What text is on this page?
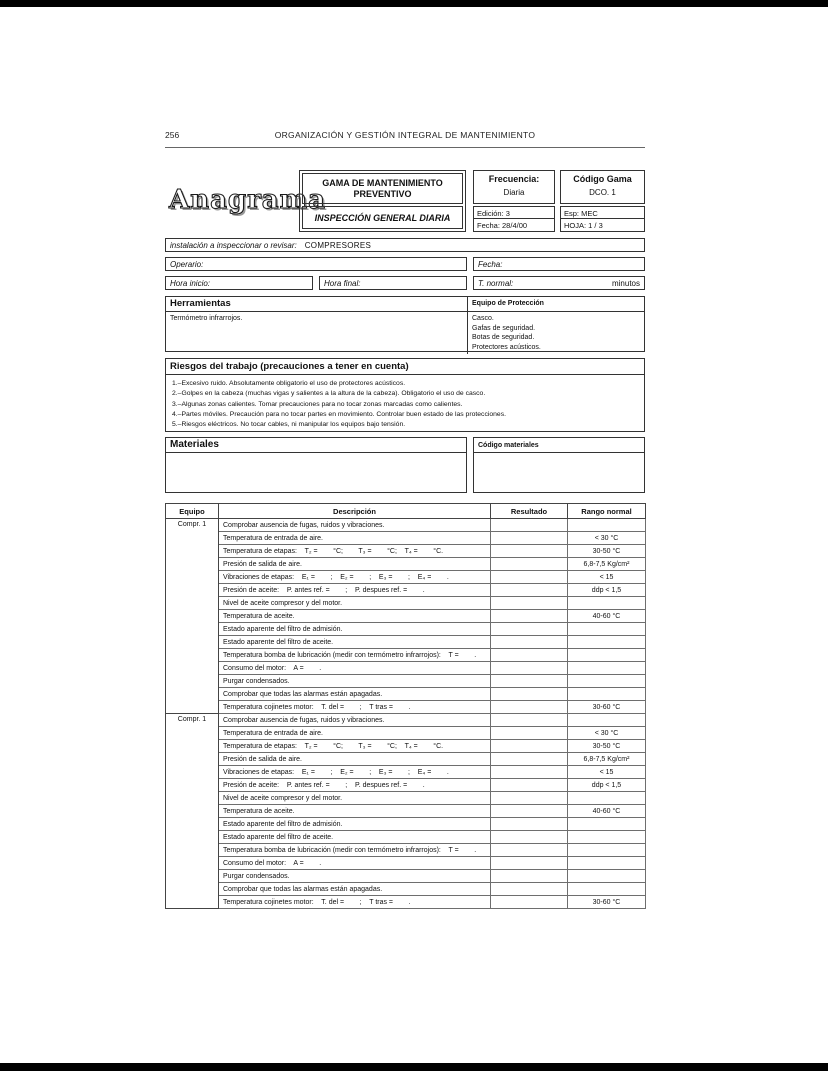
256	ORGANIZACIÓN Y GESTIÓN INTEGRAL DE MANTENIMIENTO
Anagrama
GAMA DE MANTENIMIENTO PREVENTIVO
INSPECCIÓN GENERAL DIARIA
Frecuencia:
Diaria
Código Gama
DCO. 1
Edición: 3
Fecha: 28/4/00
Esp: MEC
HOJA: 1 / 3
instalación a inspeccionar o revisar: COMPRESORES
Operario:	Fecha:
Hora inicio:	Hora final:	T. normal:	minutos
Herramientas	Equipo de Protección
Termómetro infrarrojos.	Casco.
Gafas de seguridad.
Botas de seguridad.
Protectores acústicos.
Riesgos del trabajo (precauciones a tener en cuenta)
1.–Excesivo ruido. Absolutamente obligatorio el uso de protectores acústicos.
2.–Golpes en la cabeza (muchas vigas y salientes a la altura de la cabeza). Obligatorio el uso de casco.
3.–Algunas zonas calientes. Tomar precauciones para no tocar zonas marcadas como calientes.
4.–Partes móviles. Precaución para no tocar partes en movimiento. Controlar buen estado de las protecciones.
5.–Riesgos eléctricos. No tocar cables, ni manipular los equipos bajo tensión.
Materiales	Código materiales
Equipo	Descripción	Resultado	Rango normal
Compr. 1	Comprobar ausencia de fugas, ruidos y vibraciones.		
	Temperatura de entrada de aire.		< 30 °C
	Temperatura de etapas:    T₂ =        °C;        T₃ =        °C;    T₄ =        °C.		30-50 °C
	Presión de salida de aire.		6,8-7,5 Kg/cm²
	Vibraciones de etapas:    E₁ =        ;    E₂ =        ;    E₃ =        ;    E₄ =        .		< 15
	Presión de aceite:    P. antes ref. =        ;    P. despues ref. =        .		ddp < 1,5
	Nivel de aceite compresor y del motor.		
	Temperatura de aceite.		40-60 °C
	Estado aparente del filtro de admisión.		
	Estado aparente del filtro de aceite.		
	Temperatura bomba de lubricación (medir con termómetro infrarrojos):    T =        .		
	Consumo del motor:    A =        .		
	Purgar condensados.		
	Comprobar que todas las alarmas están apagadas.		
	Temperatura cojinetes motor:    T. del =        ;    T tras =        .		30-60 °C
Compr. 1	Comprobar ausencia de fugas, ruidos y vibraciones.		
	Temperatura de entrada de aire.		< 30 °C
	Temperatura de etapas:    T₂ =        °C;        T₃ =        °C;    T₄ =        °C.		30-50 °C
	Presión de salida de aire.		6,8-7,5 Kg/cm²
	Vibraciones de etapas:    E₁ =        ;    E₂ =        ;    E₃ =        ;    E₄ =        .		< 15
	Presión de aceite:    P. antes ref. =        ;    P. despues ref. =        .		ddp < 1,5
	Nivel de aceite compresor y del motor.		
	Temperatura de aceite.		40-60 °C
	Estado aparente del filtro de admisión.		
	Estado aparente del filtro de aceite.		
	Temperatura bomba de lubricación (medir con termómetro infrarrojos):    T =        .		
	Consumo del motor:    A =        .		
	Purgar condensados.		
	Comprobar que todas las alarmas están apagadas.		
	Temperatura cojinetes motor:    T. del =        ;    T tras =        .		30-60 °C
